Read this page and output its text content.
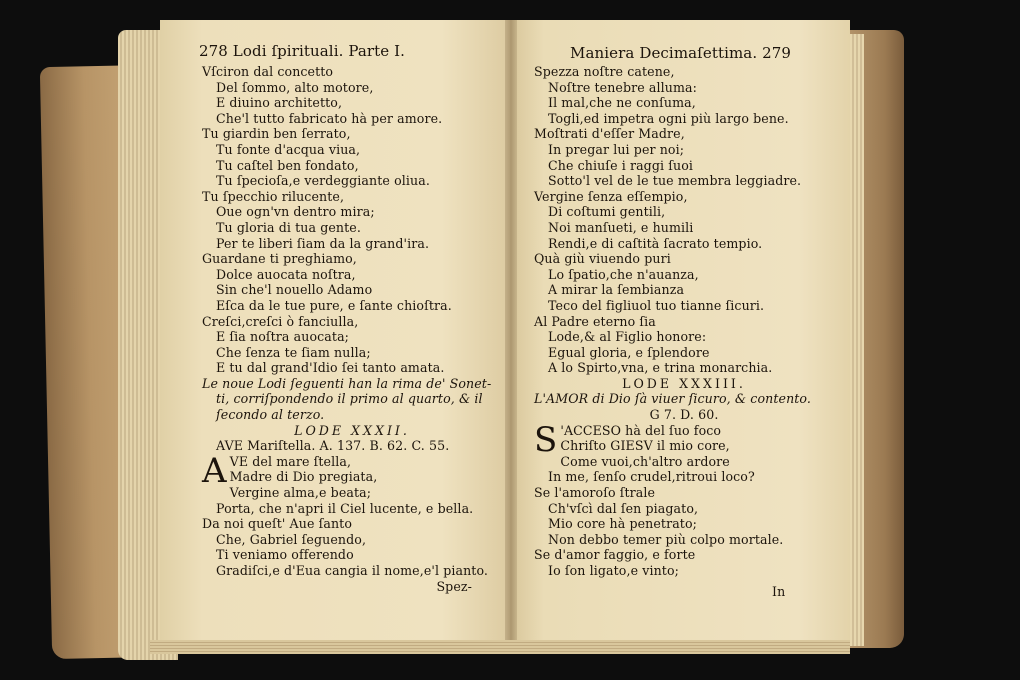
278 Lodi ſpirituali. Parte I.
Vſciron dal concetto
Del ſommo, alto motore,
E diuino architetto,
Che'l tutto fabricato hà per amore.
Tu giardin ben ſerrato,
Tu fonte d'acqua viua,
Tu caſtel ben fondato,
Tu ſpecioſa,e verdeggiante oliua.
Tu ſpecchio rilucente,
Oue ogn'vn dentro mira;
Tu gloria di tua gente.
Per te liberi ſiam da la grand'ira.
Guardane ti preghiamo,
Dolce auocata noſtra,
Sin che'l nouello Adamo
Eſca da le tue pure, e ſante chioſtra.
Creſci,creſci ò fanciulla,
E ſia noſtra auocata;
Che ſenza te ſiam nulla;
E tu dal grand'Idio ſei tanto amata.
Le noue Lodi ſeguenti han la rima de' Sonet-
ti, corriſpondendo il primo al quarto, & il
ſecondo al terzo.
LODE XXXII.
AVE Mariſtella. A. 137. B. 62. C. 55.
A VE del mare ſtella,
Madre di Dio pregiata,
Vergine alma,e beata;
Porta, che n'apri il Ciel lucente, e bella.
Da noi queſt' Aue ſanto
Che, Gabriel ſeguendo,
Ti veniamo offerendo
Gradiſci,e d'Eua cangia il nome,e'l pianto.
Spez-
Maniera Decimaſettima. 279
Spezza noſtre catene,
Noſtre tenebre alluma:
Il mal,che ne conſuma,
Togli,ed impetra ogni più largo bene.
Moſtrati d'eſſer Madre,
In pregar lui per noi;
Che chiuſe i raggi ſuoi
Sotto'l vel de le tue membra leggiadre.
Vergine ſenza eſſempio,
Di coſtumi gentili,
Noi manſueti, e humili
Rendi,e di caſtità ſacrato tempio.
Quà giù viuendo puri
Lo ſpatio,che n'auanza,
A mirar la ſembianza
Teco del figliuol tuo tianne ſicuri.
Al Padre eterno ſia
Lode,& al Figlio honore:
Egual gloria, e ſplendore
A lo Spirto,vna, e trina monarchia.
LODE XXXIII.
L'AMOR di Dio ſà viuer ſicuro, & contento.
G 7. D. 60.
S 'ACCESO hà del ſuo foco
Chriſto GIESV il mio core,
Come vuoi,ch'altro ardore
In me, ſenſo crudel,ritroui loco?
Se l'amoroſo ſtrale
Ch'vſcì dal ſen piagato,
Mio core hà penetrato;
Non debbo temer più colpo mortale.
Se d'amor faggio, e forte
Io ſon ligato,e vinto;
In
